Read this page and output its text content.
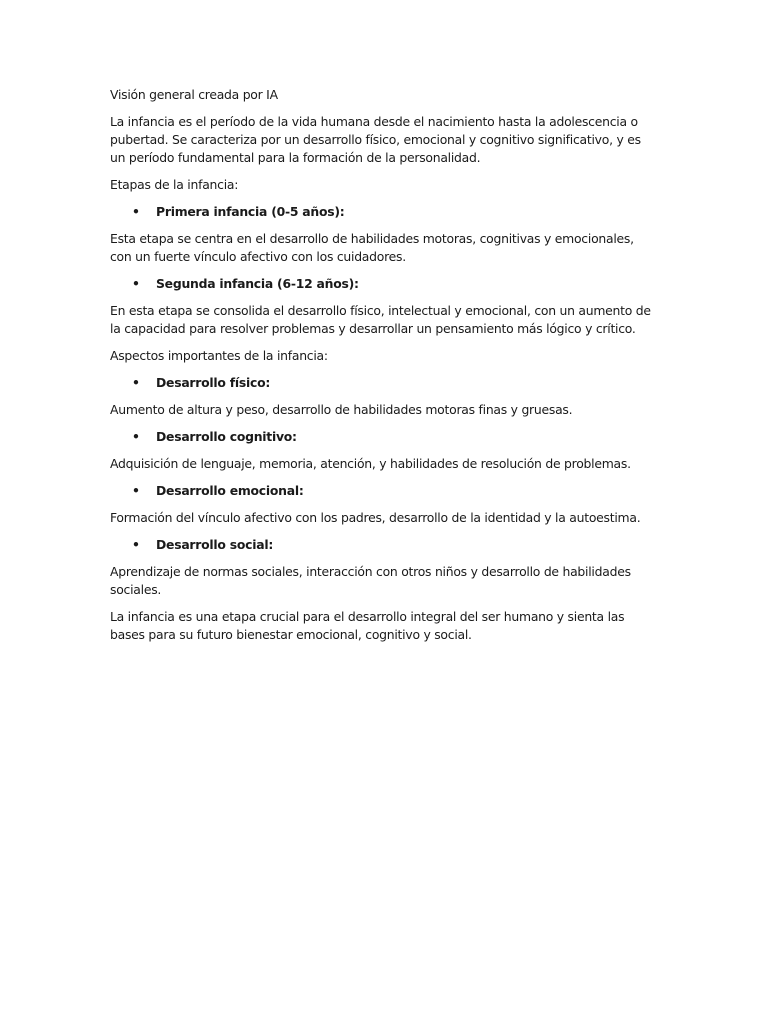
Visión general creada por IA

La infancia es el período de la vida humana desde el nacimiento hasta la adolescencia o pubertad. Se caracteriza por un desarrollo físico, emocional y cognitivo significativo, y es un período fundamental para la formación de la personalidad.

Etapas de la infancia:

• Primera infancia (0-5 años):

Esta etapa se centra en el desarrollo de habilidades motoras, cognitivas y emocionales, con un fuerte vínculo afectivo con los cuidadores.

• Segunda infancia (6-12 años):

En esta etapa se consolida el desarrollo físico, intelectual y emocional, con un aumento de la capacidad para resolver problemas y desarrollar un pensamiento más lógico y crítico.

Aspectos importantes de la infancia:

• Desarrollo físico:

Aumento de altura y peso, desarrollo de habilidades motoras finas y gruesas.

• Desarrollo cognitivo:

Adquisición de lenguaje, memoria, atención, y habilidades de resolución de problemas.

• Desarrollo emocional:

Formación del vínculo afectivo con los padres, desarrollo de la identidad y la autoestima.

• Desarrollo social:

Aprendizaje de normas sociales, interacción con otros niños y desarrollo de habilidades sociales.

La infancia es una etapa crucial para el desarrollo integral del ser humano y sienta las bases para su futuro bienestar emocional, cognitivo y social.
